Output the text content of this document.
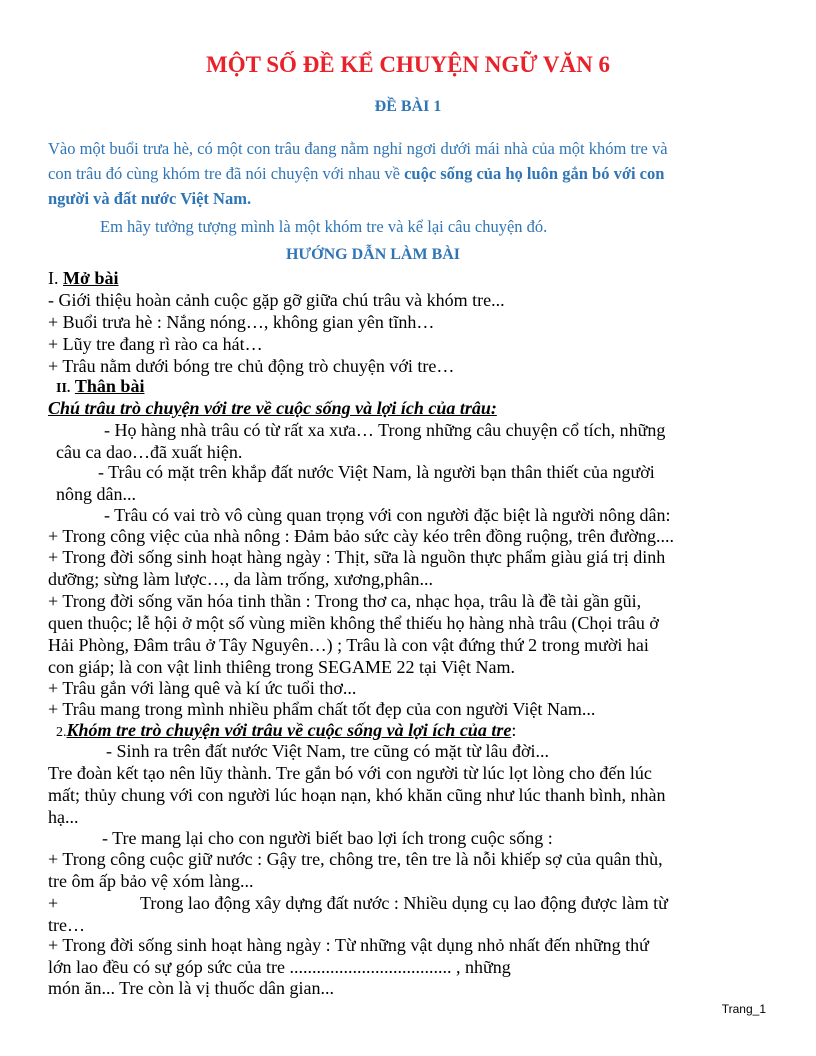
MỘT SỐ ĐỀ KỂ CHUYỆN NGỮ VĂN 6
ĐỀ BÀI 1
Vào một buổi trưa hè, có một con trâu đang nằm nghỉ ngơi dưới mái nhà của một khóm tre và
con trâu đó cùng khóm tre đã nói chuyện với nhau về cuộc sống của họ luôn gắn bó với con
người và đất nước Việt Nam.
Em hãy tưởng tượng mình là một khóm tre và kể lại câu chuyện đó.
HƯỚNG DẪN LÀM BÀI
I. Mở bài
- Giới thiệu hoàn cảnh cuộc gặp gỡ giữa chú trâu và khóm tre...
+ Buổi trưa hè : Nắng nóng…, không gian yên tĩnh…
+ Lũy tre đang rì rào ca hát…
+ Trâu nằm dưới bóng tre chủ động trò chuyện với tre…
II. Thân bài
Chú trâu trò chuyện với tre về cuộc sống và lợi ích của trâu:
- Họ hàng nhà trâu có từ rất xa xưa… Trong những câu chuyện cổ tích, những
câu ca dao…đã xuất hiện.
- Trâu có mặt trên khắp đất nước Việt Nam, là người bạn thân thiết của người
nông dân...
- Trâu có vai trò vô cùng quan trọng với con người đặc biệt là người nông dân:
+ Trong công việc của nhà nông : Đảm bảo sức cày kéo trên đồng ruộng, trên đường....
+ Trong đời sống sinh hoạt hàng ngày : Thịt, sữa là nguồn thực phẩm giàu giá trị dinh
dưỡng; sừng làm lược…, da làm trống, xương,phân...
+ Trong đời sống văn hóa tinh thần : Trong thơ ca, nhạc họa, trâu là đề tài gần gũi,
quen thuộc; lễ hội ở một số vùng miền không thể thiếu họ hàng nhà trâu (Chọi trâu ở
Hải Phòng, Đâm trâu ở Tây Nguyên…) ; Trâu là con vật đứng thứ 2 trong mười hai
con giáp; là con vật linh thiêng trong SEGAME 22 tại Việt Nam.
+ Trâu gắn với làng quê và kí ức tuổi thơ...
+ Trâu mang trong mình nhiều phẩm chất tốt đẹp của con người Việt Nam...
2.Khóm tre trò chuyện với trâu về cuộc sống và lợi ích của tre:
- Sinh ra trên đất nước Việt Nam, tre cũng có mặt từ lâu đời...
Tre đoàn kết tạo nên lũy thành. Tre gắn bó với con người từ lúc lọt lòng cho đến lúc
mất; thủy chung với con người lúc hoạn nạn, khó khăn cũng như lúc thanh bình, nhàn
hạ...
- Tre mang lại cho con người biết bao lợi ích trong cuộc sống :
+ Trong công cuộc giữ nước : Gậy tre, chông tre, tên tre là nỗi khiếp sợ của quân thù,
tre ôm ấp bảo vệ xóm làng...
+	Trong lao động xây dựng đất nước : Nhiều dụng cụ lao động được làm từ
tre…
+ Trong đời sống sinh hoạt hàng ngày : Từ những vật dụng nhỏ nhất đến những thứ
lớn lao đều có sự góp sức của tre .................................... , những
món ăn... Tre còn là vị thuốc dân gian...
Trang_1
